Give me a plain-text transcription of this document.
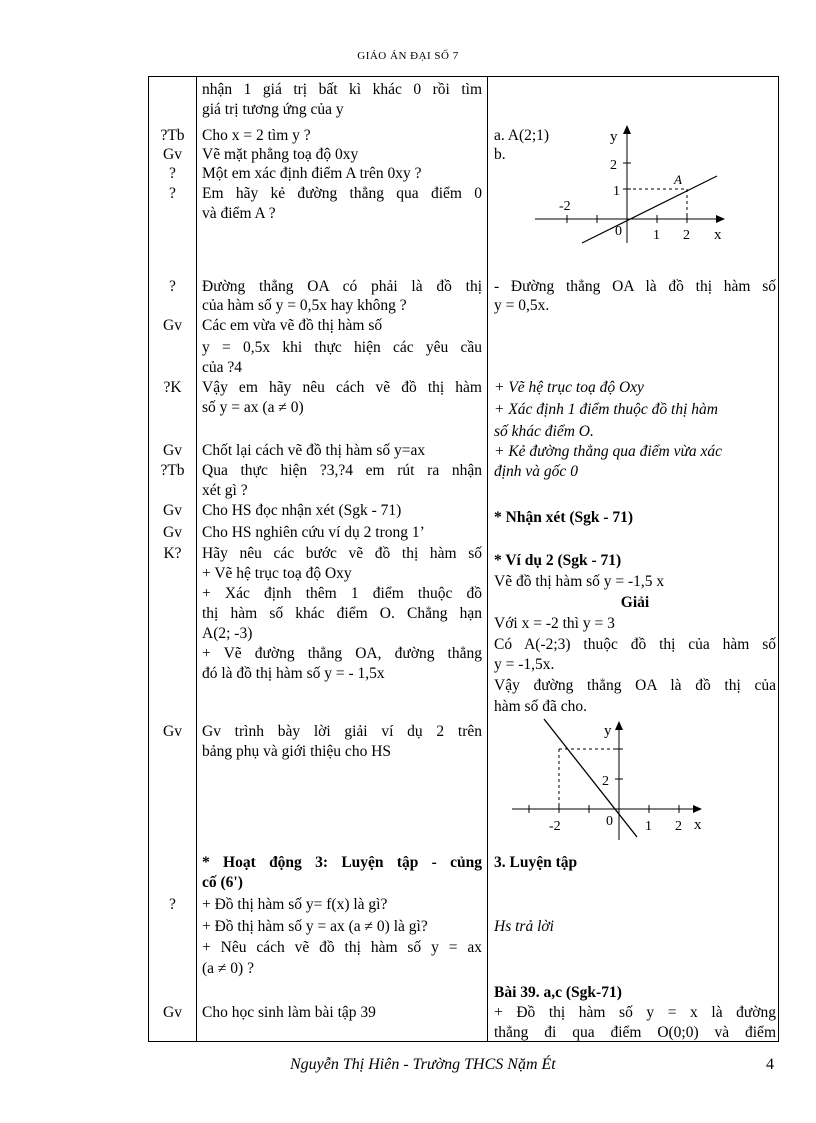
GIÁO ÁN ĐẠI SỐ 7
?Tb
Gv
?
?
?
Gv
?K
Gv
?Tb
Gv
Gv
K?
Gv
?
Gv
nhận 1 giá trị bất kì khác 0 rồi tìm
giá trị tương ứng của y
Cho x = 2 tìm y ?
Vẽ mặt phẳng toạ độ 0xy
Một em xác định điểm A trên 0xy ?
Em hãy kẻ đường thẳng qua điểm 0
và điểm A ?
Đường thẳng OA có phải là đồ thị
của hàm số y = 0,5x hay không ?
Các em vừa vẽ đồ thị hàm số
y = 0,5x khi thực hiện các yêu cầu
của ?4
Vậy em hãy nêu cách vẽ đồ thị hàm
số y = ax (a ≠ 0)
Chốt lại cách vẽ đồ thị hàm số y=ax
Qua thực hiện ?3,?4 em rút ra nhận
xét gì ?
Cho HS đọc nhận xét (Sgk - 71)
Cho HS nghiên cứu ví dụ 2 trong 1’
Hãy nêu các bước vẽ đồ thị hàm số
+ Vẽ hệ trục toạ độ Oxy
+ Xác định thêm 1 điểm thuộc đồ
thị hàm số khác điểm O. Chẳng hạn
A(2; -3)
+ Vẽ đường thẳng OA, đường thẳng
đó là đồ thị hàm số y = - 1,5x
Gv trình bày lời giải ví dụ 2 trên
bảng phụ và giới thiệu cho HS
* Hoạt động 3: Luyện tập - củng
cố (6')
+ Đồ thị hàm số y= f(x) là gì?
+ Đồ thị hàm số y = ax (a ≠ 0) là gì?
+ Nêu cách vẽ đồ thị hàm số y = ax
(a ≠ 0) ?
Cho học sinh làm bài tập 39
y
x
2
1
-2
0 1 2
A
y
x
2
-2	0 1 2
a. A(2;1)
b.
- Đường thẳng OA là đồ thị hàm số
y = 0,5x.
+ Vẽ hệ trục toạ độ Oxy
+ Xác định 1 điểm thuộc đồ thị hàm
số khác điểm O.
+ Kẻ đường thẳng qua điểm vừa xác
định và gốc 0
* Nhận xét (Sgk - 71)
* Ví dụ 2 (Sgk - 71)
Vẽ đồ thị hàm số y = -1,5 x
Giải
Với x = -2 thì y = 3
Có A(-2;3) thuộc đồ thị của hàm số
y = -1,5x.
Vậy đường thẳng OA là đồ thị của
hàm số đã cho.
3. Luyện tập
Hs trả lời
Bài 39. a,c (Sgk-71)
+ Đồ thị hàm số y = x là đường
thẳng đi qua điểm O(0;0) và điểm
Nguyễn Thị Hiên - Trường THCS Nặm Ét	4
